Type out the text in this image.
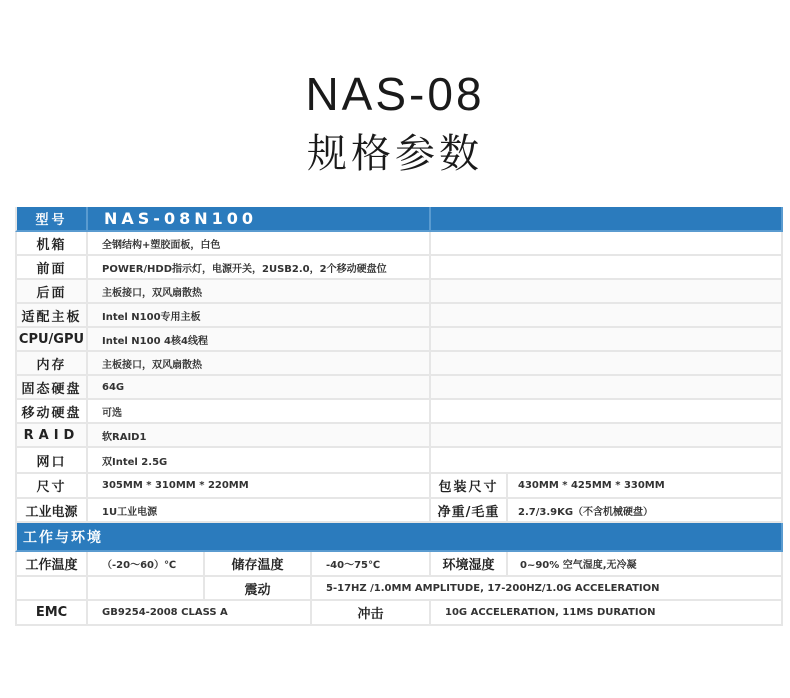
NAS-08
规格参数
型号	NAS-08N100
机箱	全钢结构+塑胶面板，白色
前面	POWER/HDD指示灯，电源开关，2USB2.0，2个移动硬盘位
后面	主板接口，双风扇散热
适配主板	Intel N100专用主板
CPU/GPU	Intel N100 4核4线程
内存	主板接口，双风扇散热
固态硬盘	64G
移动硬盘	可选
RAID	软RAID1
网口	双Intel 2.5G
尺寸	305MM * 310MM * 220MM	包装尺寸	430MM * 425MM * 330MM
工业电源	1U工业电源	净重/毛重	2.7/3.9KG（不含机械硬盘）
工作与环境
工作温度	（-20～60）℃	储存温度	-40～75℃	环境湿度	0~90% 空气湿度,无冷凝
震动	5-17HZ /1.0MM AMPLITUDE, 17-200HZ/1.0G ACCELERATION
EMC	GB9254-2008 CLASS A	冲击	10G ACCELERATION, 11MS DURATION
